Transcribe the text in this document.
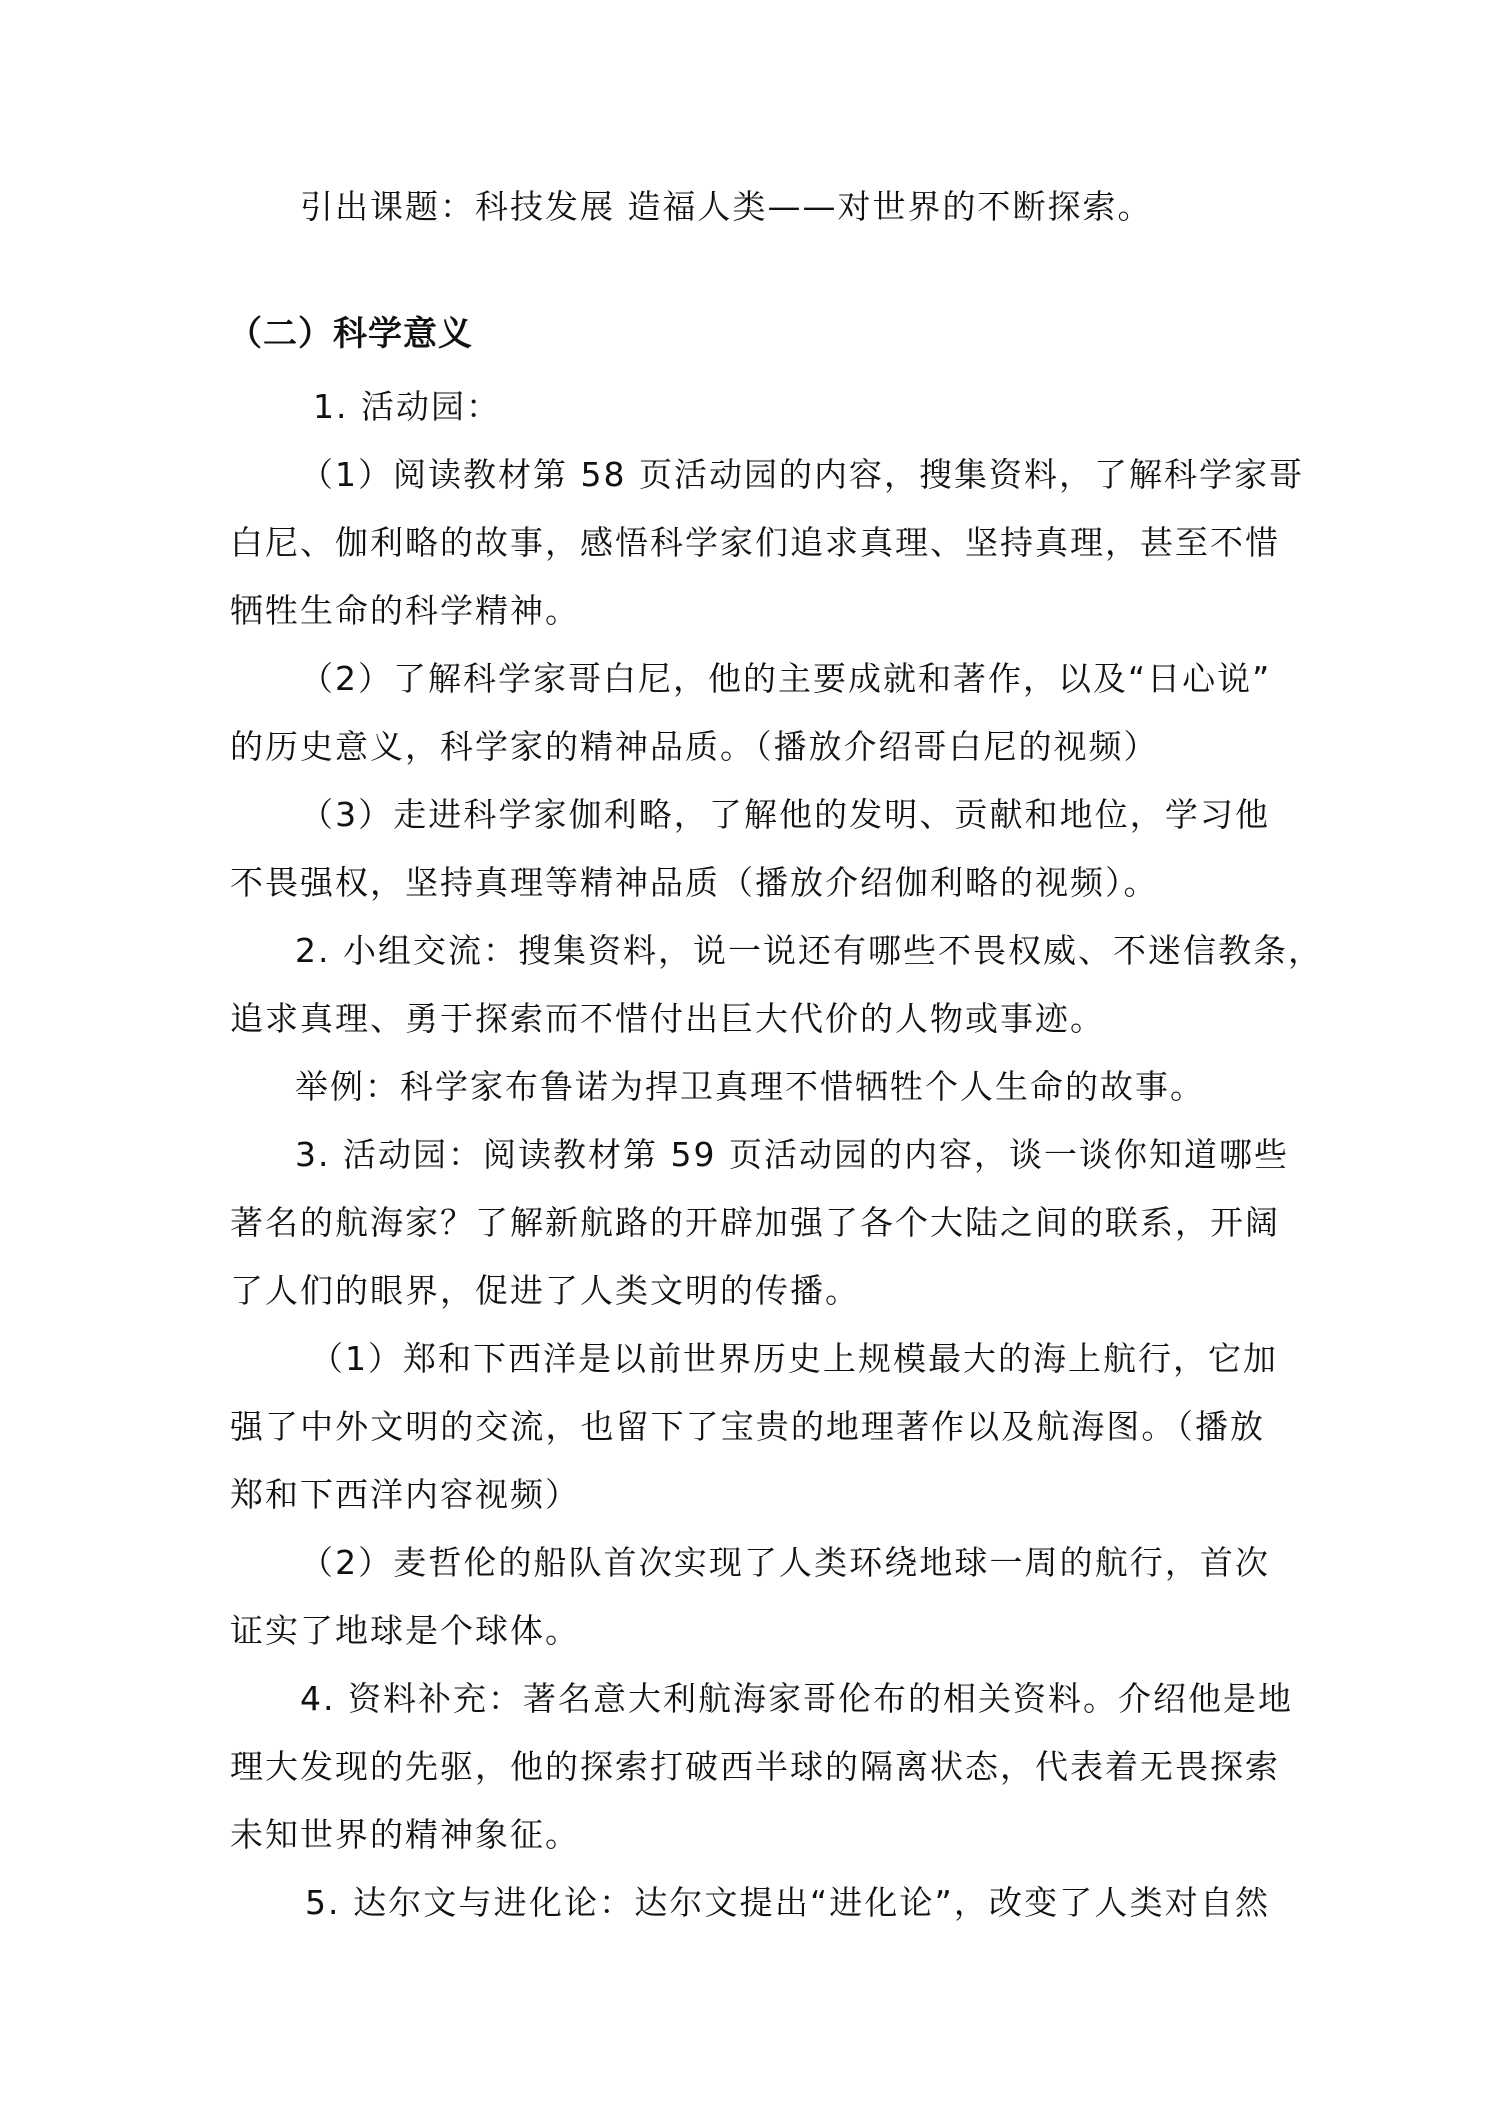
引出课题：科技发展 造福人类——对世界的不断探索。
（二）科学意义
1. 活动园：
（1）阅读教材第 58 页活动园的内容，搜集资料，了解科学家哥
白尼、伽利略的故事，感悟科学家们追求真理、坚持真理，甚至不惜
牺牲生命的科学精神。
（2）了解科学家哥白尼，他的主要成就和著作，以及“日心说”
的历史意义，科学家的精神品质。（播放介绍哥白尼的视频）
（3）走进科学家伽利略，了解他的发明、贡献和地位，学习他
不畏强权，坚持真理等精神品质（播放介绍伽利略的视频）。
2. 小组交流：搜集资料，说一说还有哪些不畏权威、不迷信教条，
追求真理、勇于探索而不惜付出巨大代价的人物或事迹。
举例：科学家布鲁诺为捍卫真理不惜牺牲个人生命的故事。
3. 活动园：阅读教材第 59 页活动园的内容，谈一谈你知道哪些
著名的航海家？了解新航路的开辟加强了各个大陆之间的联系，开阔
了人们的眼界，促进了人类文明的传播。
（1）郑和下西洋是以前世界历史上规模最大的海上航行，它加
强了中外文明的交流，也留下了宝贵的地理著作以及航海图。（播放
郑和下西洋内容视频）
（2）麦哲伦的船队首次实现了人类环绕地球一周的航行，首次
证实了地球是个球体。
4. 资料补充：著名意大利航海家哥伦布的相关资料。介绍他是地
理大发现的先驱，他的探索打破西半球的隔离状态，代表着无畏探索
未知世界的精神象征。
5. 达尔文与进化论：达尔文提出“进化论”，改变了人类对自然
